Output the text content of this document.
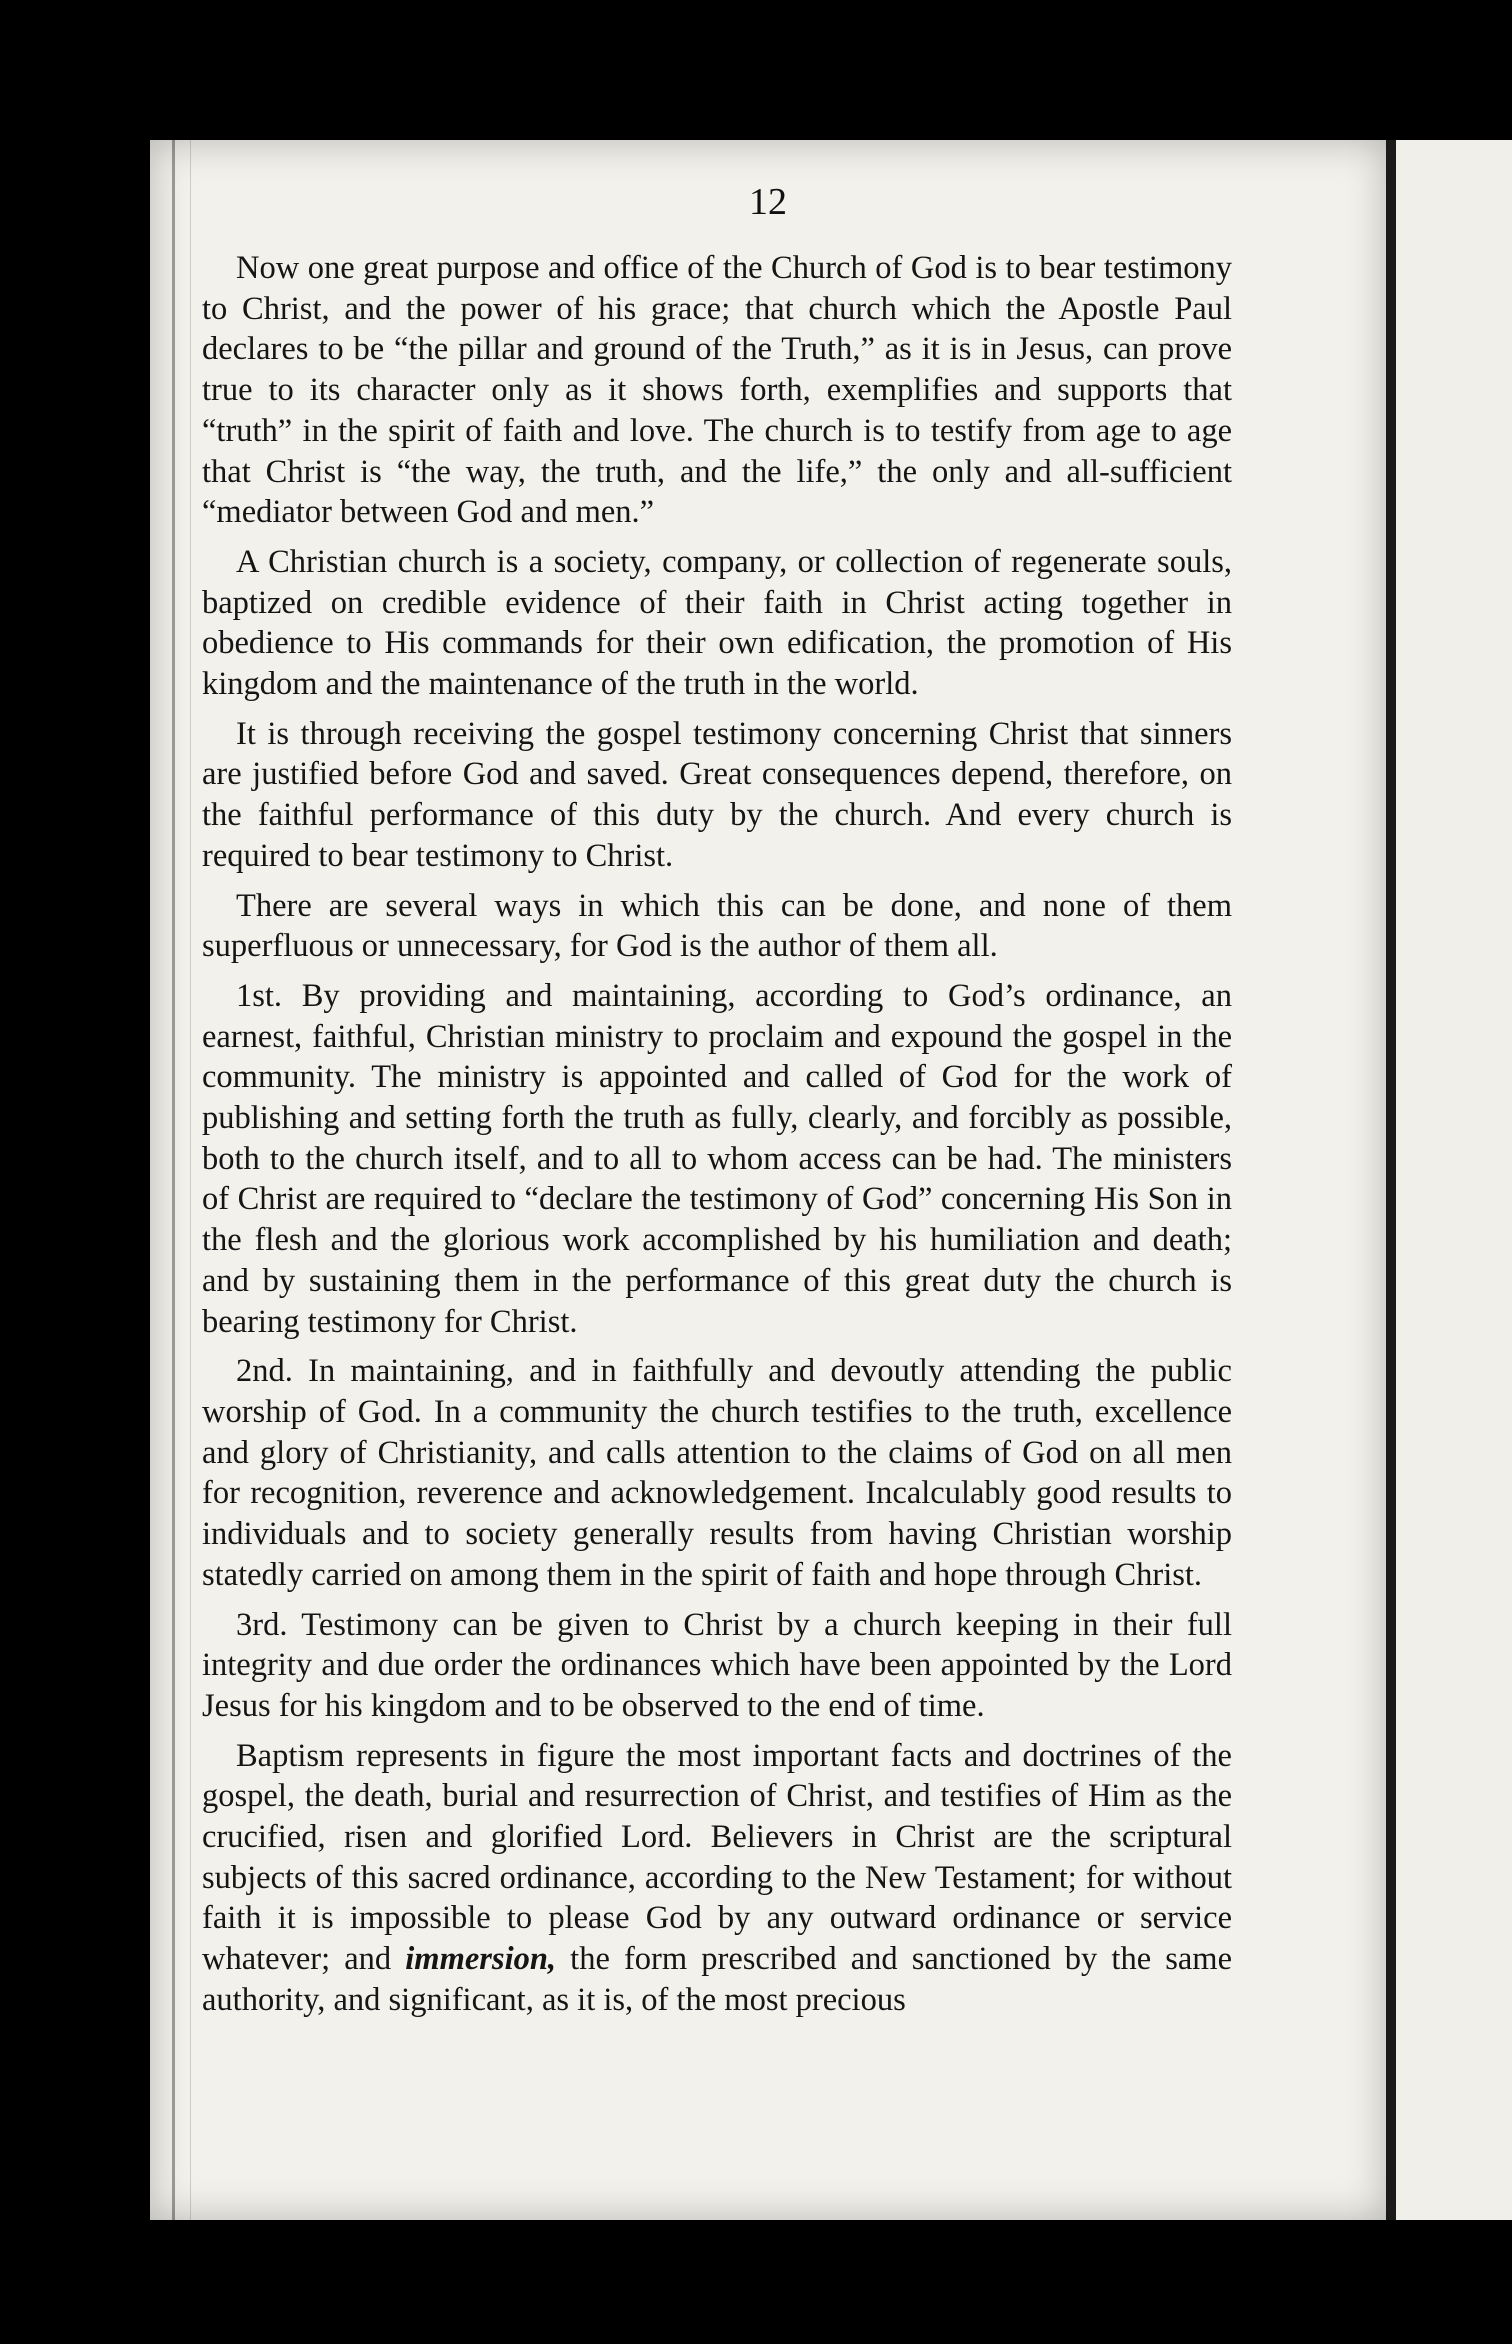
12

Now one great purpose and office of the Church of God is to bear testimony to Christ, and the power of his grace; that church which the Apostle Paul declares to be “the pillar and ground of the Truth,” as it is in Jesus, can prove true to its character only as it shows forth, exemplifies and supports that “truth” in the spirit of faith and love. The church is to testify from age to age that Christ is “the way, the truth, and the life,” the only and all-sufficient “mediator between God and men.”

A Christian church is a society, company, or collection of regenerate souls, baptized on credible evidence of their faith in Christ acting together in obedience to His commands for their own edification, the promotion of His kingdom and the maintenance of the truth in the world.

It is through receiving the gospel testimony concerning Christ that sinners are justified before God and saved. Great consequences depend, therefore, on the faithful performance of this duty by the church. And every church is required to bear testimony to Christ.

There are several ways in which this can be done, and none of them superfluous or unnecessary, for God is the author of them all.

1st. By providing and maintaining, according to God’s ordinance, an earnest, faithful, Christian ministry to proclaim and expound the gospel in the community. The ministry is appointed and called of God for the work of publishing and setting forth the truth as fully, clearly, and forcibly as possible, both to the church itself, and to all to whom access can be had. The ministers of Christ are required to “declare the testimony of God” concerning His Son in the flesh and the glorious work accomplished by his humiliation and death; and by sustaining them in the performance of this great duty the church is bearing testimony for Christ.

2nd. In maintaining, and in faithfully and devoutly attending the public worship of God. In a community the church testifies to the truth, excellence and glory of Christianity, and calls attention to the claims of God on all men for recognition, reverence and acknowledgement. Incalculably good results to individuals and to society generally results from having Christian worship statedly carried on among them in the spirit of faith and hope through Christ.

3rd. Testimony can be given to Christ by a church keeping in their full integrity and due order the ordinances which have been appointed by the Lord Jesus for his kingdom and to be observed to the end of time.

Baptism represents in figure the most important facts and doctrines of the gospel, the death, burial and resurrection of Christ, and testifies of Him as the crucified, risen and glorified Lord. Believers in Christ are the scriptural subjects of this sacred ordinance, according to the New Testament; for without faith it is impossible to please God by any outward ordinance or service whatever; and immersion, the form prescribed and sanctioned by the same authority, and significant, as it is, of the most precious
